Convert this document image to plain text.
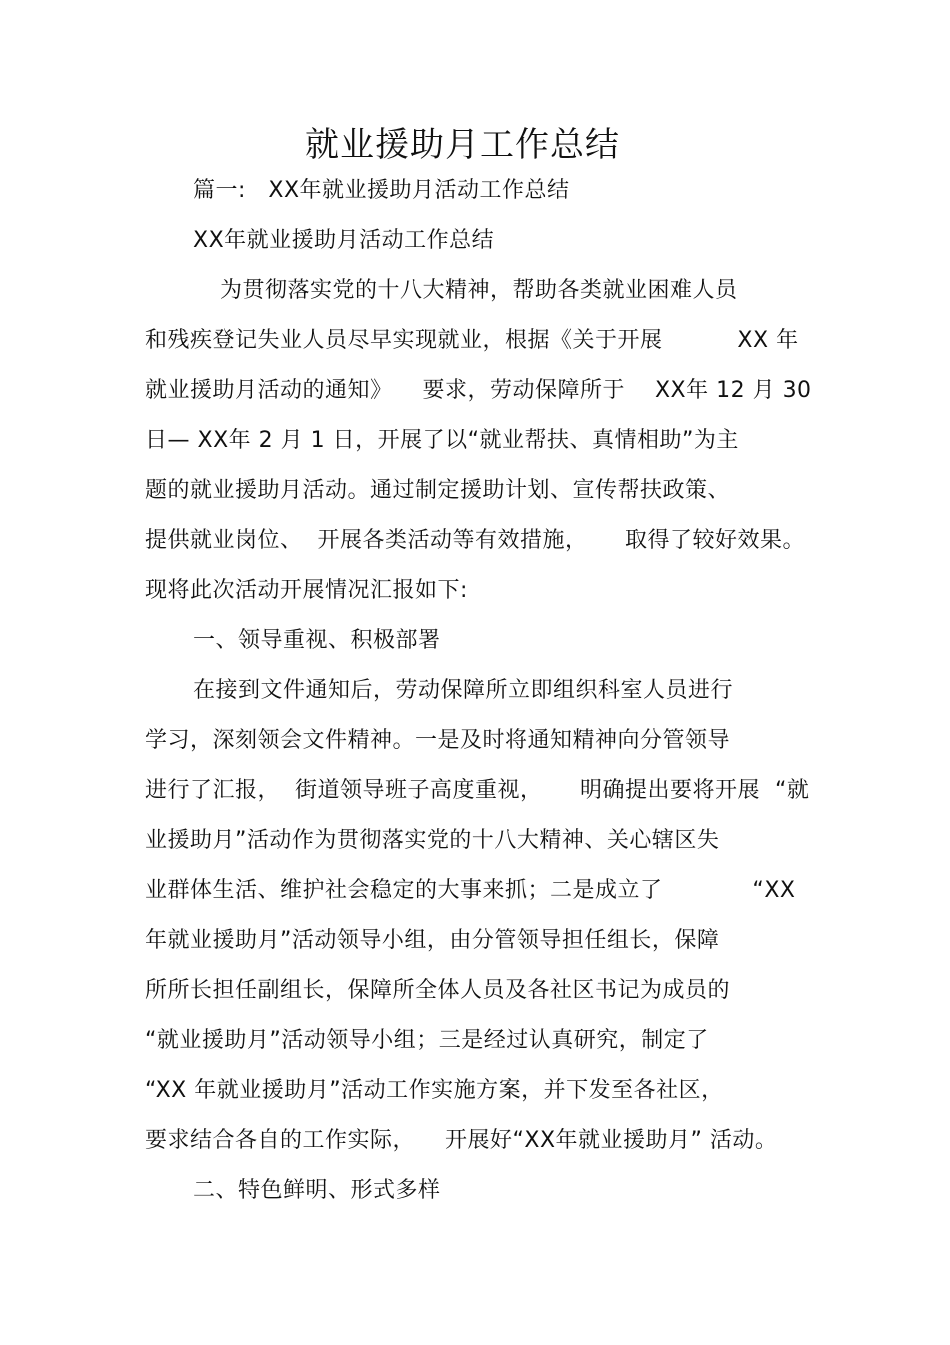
就业援助月工作总结
篇一:   XX年就业援助月活动工作总结
XX年就业援助月活动工作总结
为贯彻落实党的十八大精神，帮助各类就业困难人员
和残疾登记失业人员尽早实现就业，根据《关于开展          XX 年
就业援助月活动的通知》    要求，劳动保障所于    XX年 12 月 30
日— XX年 2 月 1 日，开展了以“就业帮扶、真情相助”为主
题的就业援助月活动。通过制定援助计划、宣传帮扶政策、
提供就业岗位、  开展各类活动等有效措施，     取得了较好效果。
现将此次活动开展情况汇报如下:
一、领导重视、积极部署
在接到文件通知后，劳动保障所立即组织科室人员进行
学习，深刻领会文件精神。一是及时将通知精神向分管领导
进行了汇报，  街道领导班子高度重视，     明确提出要将开展  “就
业援助月”活动作为贯彻落实党的十八大精神、关心辖区失
业群体生活、维护社会稳定的大事来抓；二是成立了            “XX
年就业援助月”活动领导小组，由分管领导担任组长，保障
所所长担任副组长，保障所全体人员及各社区书记为成员的
“就业援助月”活动领导小组；三是经过认真研究，制定了
“XX 年就业援助月”活动工作实施方案，并下发至各社区，
要求结合各自的工作实际，    开展好“XX年就业援助月” 活动。
二、特色鲜明、形式多样
